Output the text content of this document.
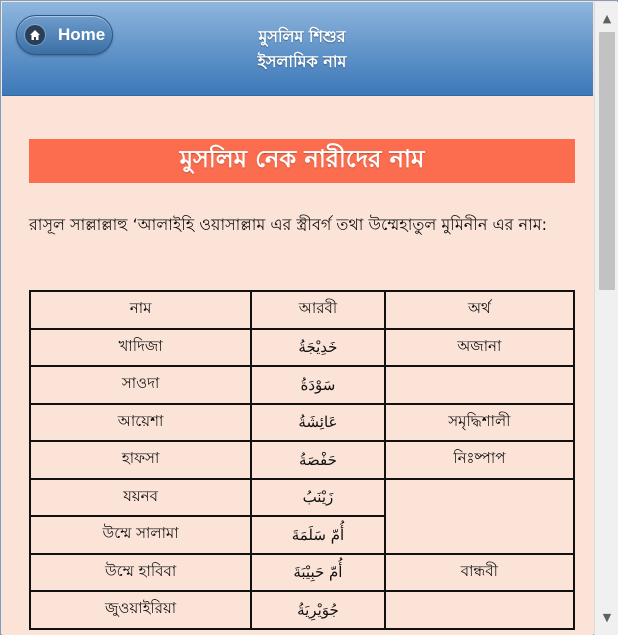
Home	মুসলিম শিশুর
ইসলামিক নাম
মুসলিম নেক নারীদের নাম

রাসূল সাল্লাল্লাহু ‘আলাইহি ওয়াসাল্লাম এর স্ত্রীবর্গ তথা উম্মেহাতুল মুমিনীন এর নাম:

নাম	আরবী	অর্থ
খাদিজা	خَدِيْجَةُ	অজানা
সাওদা	سَوْدَةُ	
আয়েশা	عَائِشَةُ	সমৃদ্ধিশালী
হাফসা	حَفْصَةُ	নিঃষ্পাপ
যয়নব	زَيْنَبُ	
উম্মে সালামা	أُمّ سَلَمَةَ	
উম্মে হাবিবা	أُمّ حَبِيْبَةَ	বান্ধবী
জুওয়াইরিয়া	جُوَيْرِيَةُ	
▲
▼
